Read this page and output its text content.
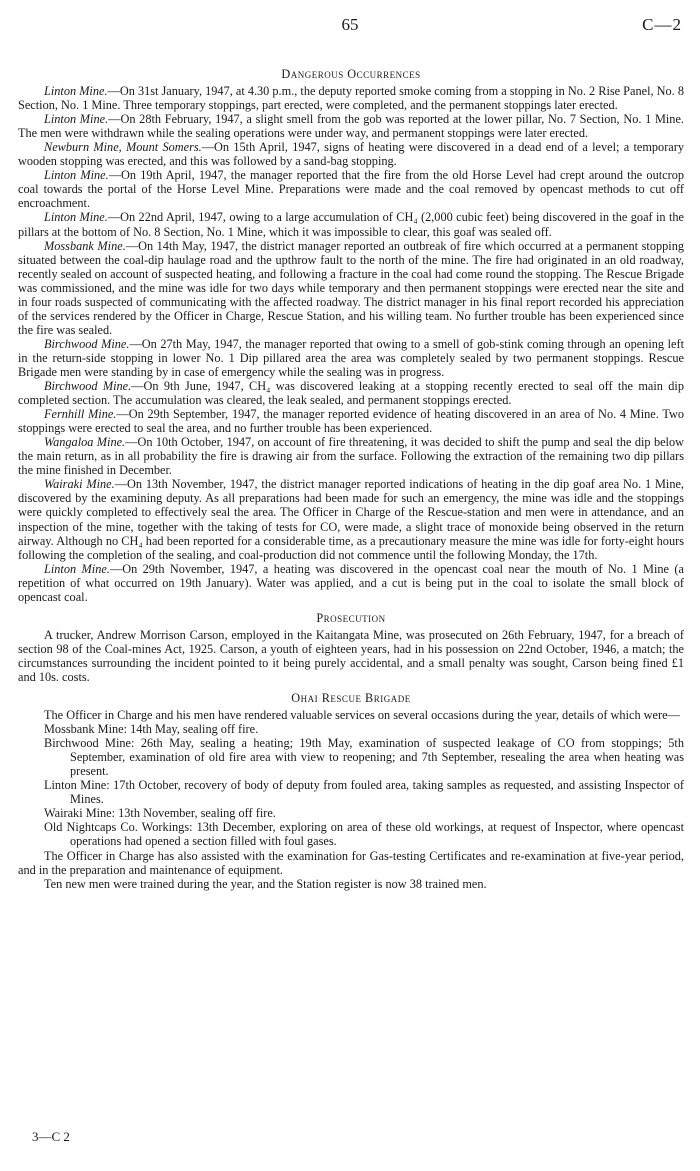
65	C—2
Dangerous Occurrences

Linton Mine.—On 31st January, 1947, at 4.30 p.m., the deputy reported smoke coming from a stopping in No. 2 Rise Panel, No. 8 Section, No. 1 Mine. Three temporary stoppings, part erected, were completed, and the permanent stoppings later erected.

Linton Mine.—On 28th February, 1947, a slight smell from the gob was reported at the lower pillar, No. 7 Section, No. 1 Mine. The men were withdrawn while the sealing operations were under way, and permanent stoppings were later erected.

Newburn Mine, Mount Somers.—On 15th April, 1947, signs of heating were discovered in a dead end of a level; a temporary wooden stopping was erected, and this was followed by a sand-bag stopping.

Linton Mine.—On 19th April, 1947, the manager reported that the fire from the old Horse Level had crept around the outcrop coal towards the portal of the Horse Level Mine. Preparations were made and the coal removed by opencast methods to cut off encroachment.

Linton Mine.—On 22nd April, 1947, owing to a large accumulation of CH₄ (2,000 cubic feet) being discovered in the goaf in the pillars at the bottom of No. 8 Section, No. 1 Mine, which it was impossible to clear, this goaf was sealed off.

Mossbank Mine.—On 14th May, 1947, the district manager reported an outbreak of fire which occurred at a permanent stopping situated between the coal-dip haulage road and the upthrow fault to the north of the mine. The fire had originated in an old roadway, recently sealed on account of suspected heating, and following a fracture in the coal had come round the stopping. The Rescue Brigade was commissioned, and the mine was idle for two days while temporary and then permanent stoppings were erected near the site and in four roads suspected of communicating with the affected roadway. The district manager in his final report recorded his appreciation of the services rendered by the Officer in Charge, Rescue Station, and his willing team. No further trouble has been experienced since the fire was sealed.

Birchwood Mine.—On 27th May, 1947, the manager reported that owing to a smell of gob-stink coming through an opening left in the return-side stopping in lower No. 1 Dip pillared area the area was completely sealed by two permanent stoppings. Rescue Brigade men were standing by in case of emergency while the sealing was in progress.

Birchwood Mine.—On 9th June, 1947, CH₄ was discovered leaking at a stopping recently erected to seal off the main dip completed section. The accumulation was cleared, the leak sealed, and permanent stoppings erected.

Fernhill Mine.—On 29th September, 1947, the manager reported evidence of heating discovered in an area of No. 4 Mine. Two stoppings were erected to seal the area, and no further trouble has been experienced.

Wangaloa Mine.—On 10th October, 1947, on account of fire threatening, it was decided to shift the pump and seal the dip below the main return, as in all probability the fire is drawing air from the surface. Following the extraction of the remaining two dip pillars the mine finished in December.

Wairaki Mine.—On 13th November, 1947, the district manager reported indications of heating in the dip goaf area No. 1 Mine, discovered by the examining deputy. As all preparations had been made for such an emergency, the mine was idle and the stoppings were quickly completed to effectively seal the area. The Officer in Charge of the Rescue-station and men were in attendance, and an inspection of the mine, together with the taking of tests for CO, were made, a slight trace of monoxide being observed in the return airway. Although no CH₄ had been reported for a considerable time, as a precautionary measure the mine was idle for forty-eight hours following the completion of the sealing, and coal-production did not commence until the following Monday, the 17th.

Linton Mine.—On 29th November, 1947, a heating was discovered in the opencast coal near the mouth of No. 1 Mine (a repetition of what occurred on 19th January). Water was applied, and a cut is being put in the coal to isolate the small block of opencast coal.

Prosecution

A trucker, Andrew Morrison Carson, employed in the Kaitangata Mine, was prosecuted on 26th February, 1947, for a breach of section 98 of the Coal-mines Act, 1925. Carson, a youth of eighteen years, had in his possession on 22nd October, 1946, a match; the circumstances surrounding the incident pointed to it being purely accidental, and a small penalty was sought, Carson being fined £1 and 10s. costs.

Ohai Rescue Brigade

The Officer in Charge and his men have rendered valuable services on several occasions during the year, details of which were—

Mossbank Mine: 14th May, sealing off fire.
Birchwood Mine: 26th May, sealing a heating; 19th May, examination of suspected leakage of CO from stoppings; 5th September, examination of old fire area with view to reopening; and 7th September, resealing the area when heating was present.
Linton Mine: 17th October, recovery of body of deputy from fouled area, taking samples as requested, and assisting Inspector of Mines.
Wairaki Mine: 13th November, sealing off fire.
Old Nightcaps Co. Workings: 13th December, exploring on area of these old workings, at request of Inspector, where opencast operations had opened a section filled with foul gases.

The Officer in Charge has also assisted with the examination for Gas-testing Certificates and re-examination at five-year period, and in the preparation and maintenance of equipment.

Ten new men were trained during the year, and the Station register is now 38 trained men.

3—C 2
